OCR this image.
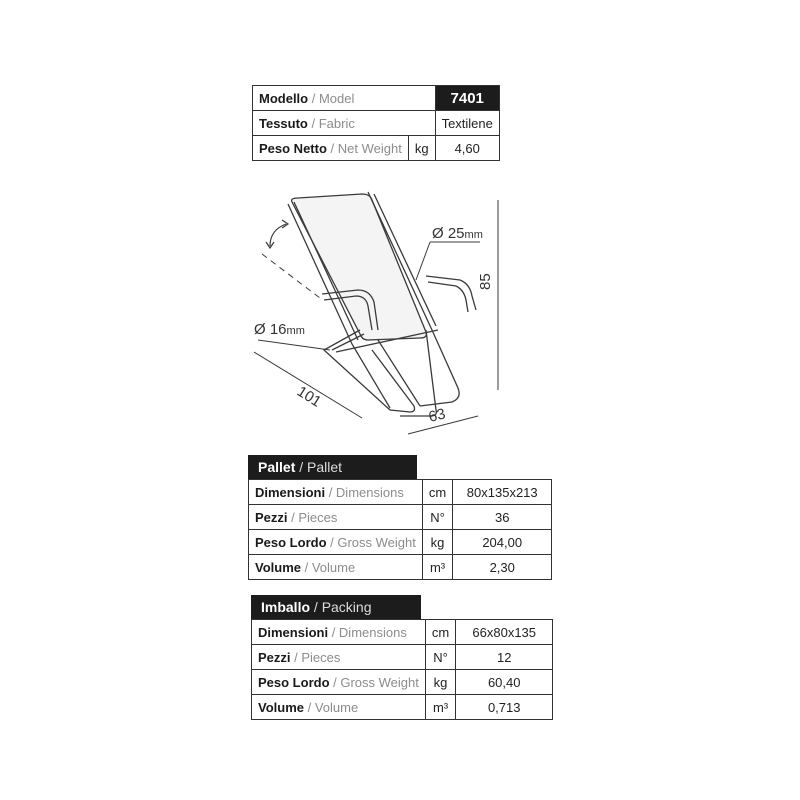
Modello / Model		7401
Tessuto / Fabric		Textilene
Peso Netto / Net Weight	kg	4,60
Ø 25mm
Ø 16mm
85
101
63
Pallet / Pallet
Dimensioni / Dimensions	cm	80x135x213
Pezzi / Pieces	N°	36
Peso Lordo / Gross Weight	kg	204,00
Volume / Volume	m³	2,30
Imballo / Packing
Dimensioni / Dimensions	cm	66x80x135
Pezzi / Pieces	N°	12
Peso Lordo / Gross Weight	kg	60,40
Volume / Volume	m³	0,713
